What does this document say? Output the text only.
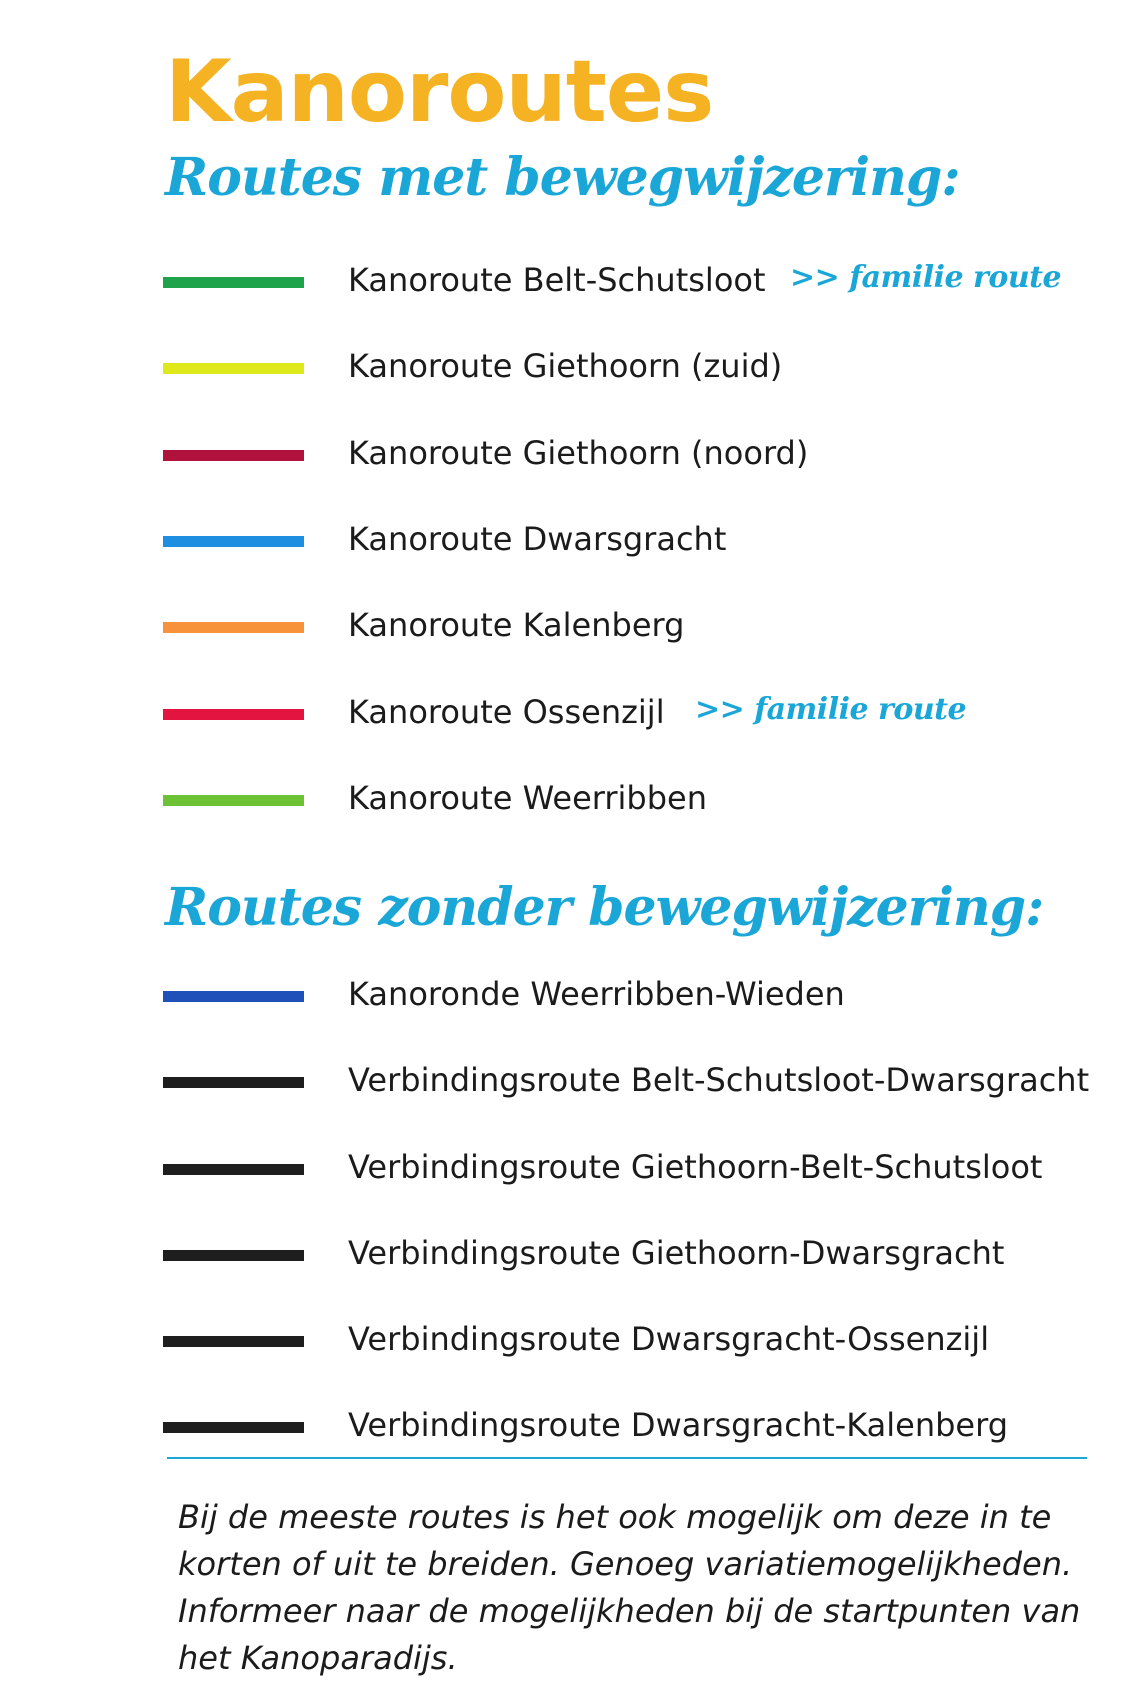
Kanoroutes
Routes met bewegwijzering:
Kanoroute Belt-Schutsloot >> familie route
Kanoroute Giethoorn (zuid)
Kanoroute Giethoorn (noord)
Kanoroute Dwarsgracht
Kanoroute Kalenberg
Kanoroute Ossenzijl >> familie route
Kanoroute Weerribben
Routes zonder bewegwijzering:
Kanoronde Weerribben-Wieden
Verbindingsroute Belt-Schutsloot-Dwarsgracht
Verbindingsroute Giethoorn-Belt-Schutsloot
Verbindingsroute Giethoorn-Dwarsgracht
Verbindingsroute Dwarsgracht-Ossenzijl
Verbindingsroute Dwarsgracht-Kalenberg

Bij de meeste routes is het ook mogelijk om deze in te korten of uit te breiden. Genoeg variatiemogelijkheden. Informeer naar de mogelijkheden bij de startpunten van het Kanoparadijs.
